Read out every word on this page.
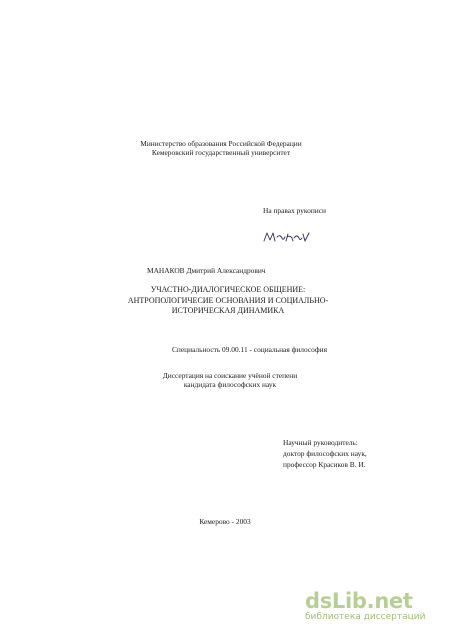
Министерство образования Российской Федерации
Кемеровский государственный университет
На правах рукописи
МАНАКОВ Дмитрий Александрович
УЧАСТНО-ДИАЛОГИЧЕСКОЕ ОБЩЕНИЕ:
АНТРОПОЛОГИЧЕСИЕ ОСНОВАНИЯ И СОЦИАЛЬНО-
ИСТОРИЧЕСКАЯ ДИНАМИКА
Специальность 09.00.11 - социальная философия
Диссертация на соискание учёной степени
кандидата философских наук
Научный руководитель:
доктор философских наук,
профессор Красиков В. И.
Кемерово - 2003
dsLib.net
библиотека диссертаций
